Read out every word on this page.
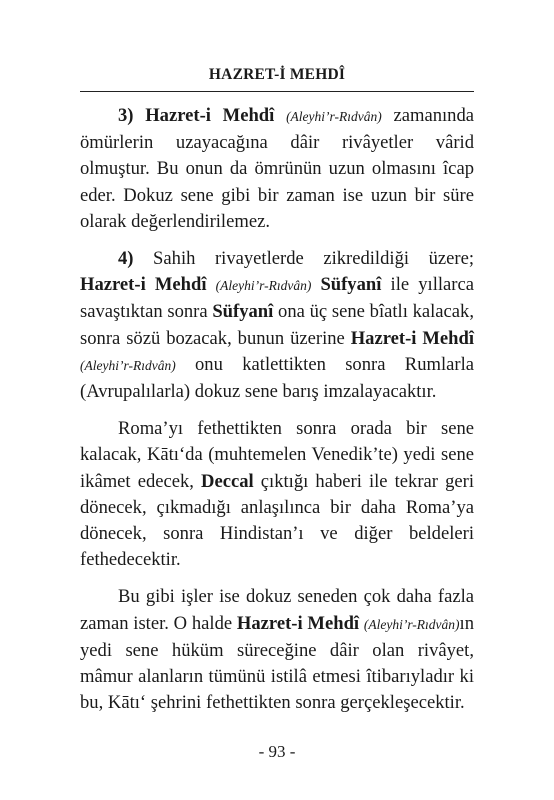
HAZRET-İ MEHDÎ

3) Hazret-i Mehdî (Aleyhi’r-Rıdvân) zamanında ömürlerin uzayacağına dâir rivâyetler vârid olmuştur. Bu onun da ömrünün uzun olmasını îcap eder. Dokuz sene gibi bir zaman ise uzun bir süre olarak değerlendirilemez.

4) Sahih rivayetlerde zikredildiği üzere; Hazret-i Mehdî (Aleyhi’r-Rıdvân) Süfyanî ile yıllarca savaştıktan sonra Süfyanî ona üç sene bîatlı kalacak, sonra sözü bozacak, bunun üzerine Hazret-i Mehdî (Aleyhi’r-Rıdvân) onu katlettikten sonra Rumlarla (Avrupalılarla) dokuz sene barış imzalayacaktır.

Roma’yı fethettikten sonra orada bir sene kalacak, Kātı‘da (muhtemelen Venedik’te) yedi sene ikâmet edecek, Deccal çıktığı haberi ile tekrar geri dönecek, çıkmadığı anlaşılınca bir daha Roma’ya dönecek, sonra Hindistan’ı ve diğer beldeleri fethedecektir.

Bu gibi işler ise dokuz seneden çok daha fazla zaman ister. O halde Hazret-i Mehdî (Aleyhi’r-Rıdvân)ın yedi sene hüküm süreceğine dâir olan rivâyet, mâmur alanların tümünü istilâ etmesi îtibarıyladır ki bu, Kātı‘ şehrini fethettikten sonra gerçekleşecektir.

- 93 -
